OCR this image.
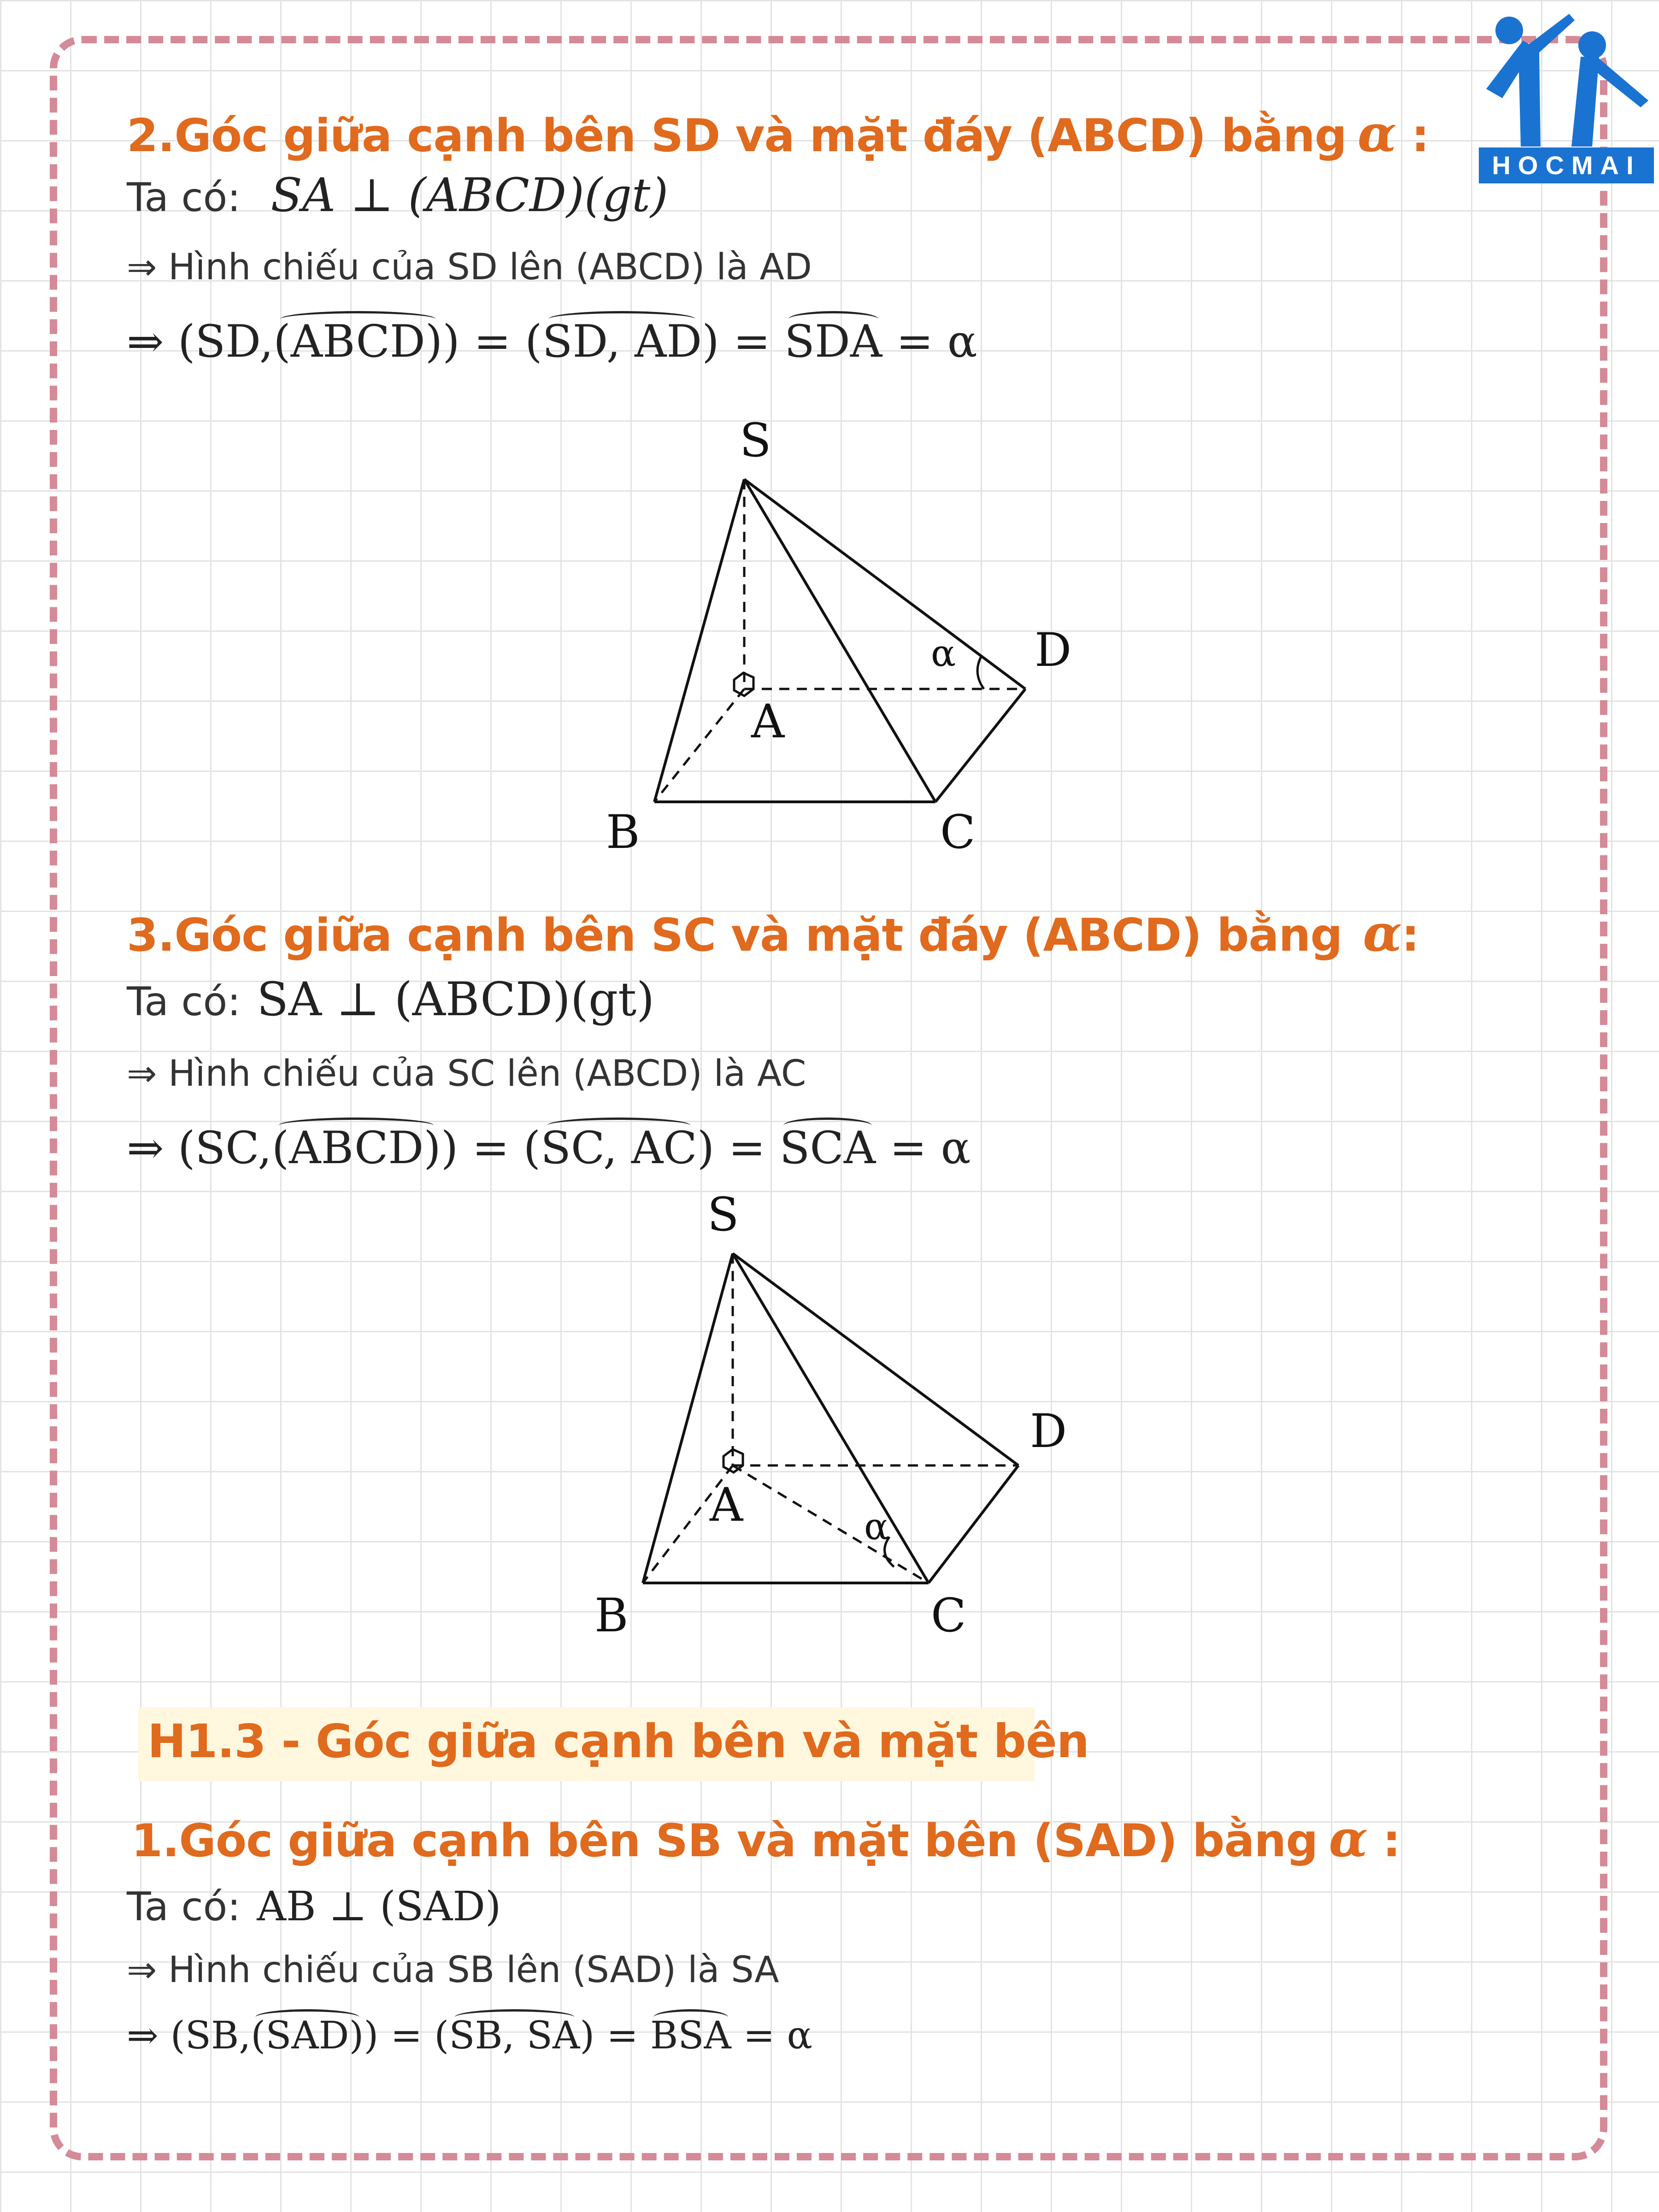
HOCMAI
2.Góc giữa cạnh bên SD và mặt đáy (ABCD) bằng α :
Ta có: SA ⊥ (ABCD)(gt)
⇒ Hình chiếu của SD lên (ABCD) là AD
⇒ (SD,(ABCD)) = (SD, AD) = SDA = α
S
A
B	C
D
α
3.Góc giữa cạnh bên SC và mặt đáy (ABCD) bằng α:
Ta có: SA ⊥ (ABCD)(gt)
⇒ Hình chiếu của SC lên (ABCD) là AC
⇒ (SC,(ABCD)) = (SC, AC) = SCA = α
S
A
B	C
D
α
H1.3 - Góc giữa cạnh bên và mặt bên
1.Góc giữa cạnh bên SB và mặt bên (SAD) bằng α :
Ta có: AB ⊥ (SAD)
⇒ Hình chiếu của SB lên (SAD) là SA
⇒ (SB,(SAD)) = (SB, SA) = BSA = α
